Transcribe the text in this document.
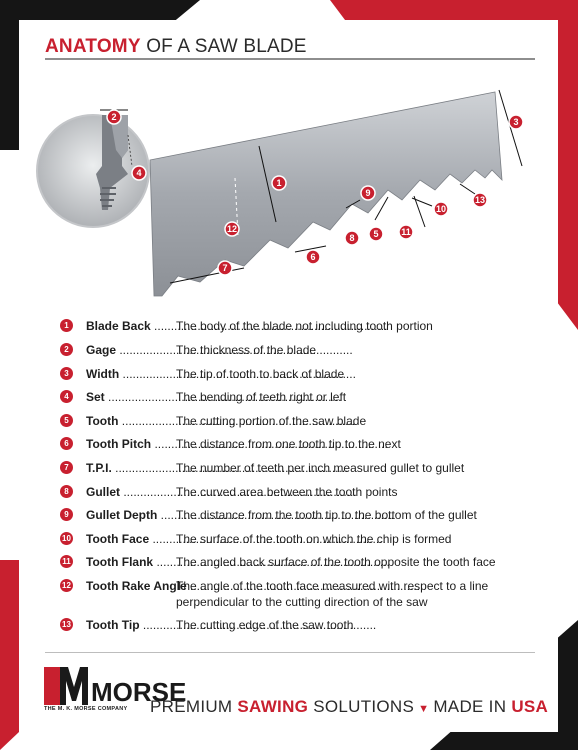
ANATOMY OF A SAW BLADE
1
2	3
4
5
6
7
8
9
10
11
12
13
1	Blade Back .....	The body of the blade not including tooth portion
2	Gage .....	The thickness of the blade
3	Width .....	The tip of tooth to back of blade
4	Set .....	The bending of teeth right or left
5	Tooth .....	The cutting portion of the saw blade
6	Tooth Pitch .....	The distance from one tooth tip to the next
7	T.P.I. .....	The number of teeth per inch measured gullet to gullet
8	Gullet .....	The curved area between the tooth points
9	Gullet Depth .....	The distance from the tooth tip to the bottom of the gullet
10 Tooth Face .....	The surface of the tooth on which the chip is formed
11 Tooth Flank .....	The angled back surface of the tooth opposite the tooth face
12 Tooth Rake Angle .....
The angle of the tooth face measured with respect to a line perpendicular to the cutting direction of the saw
13 Tooth Tip .....	The cutting edge of the saw tooth
MORSE
THE M. K. MORSE COMPANY PREMIUM SAWING SOLUTIONS ▼ MADE IN USA
